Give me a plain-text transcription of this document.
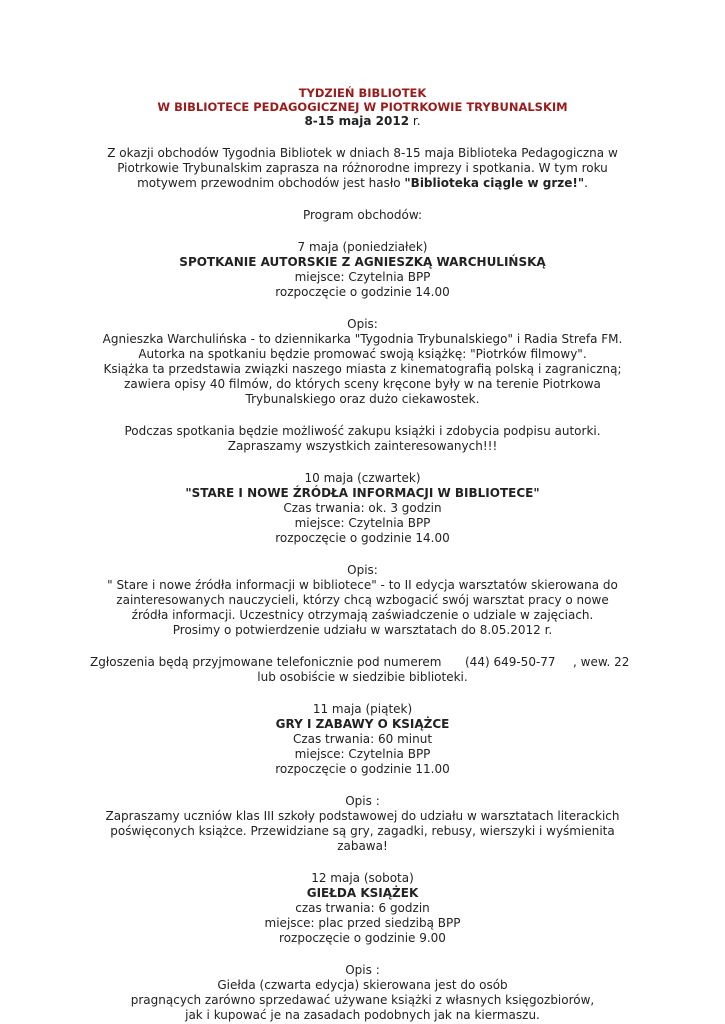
TYDZIEŃ BIBLIOTEK
W BIBLIOTECE PEDAGOGICZNEJ W PIOTRKOWIE TRYBUNALSKIM
8-15 maja 2012 r.
Z okazji obchodów Tygodnia Bibliotek w dniach 8-15 maja Biblioteka Pedagogiczna w Piotrkowie Trybunalskim zaprasza na różnorodne imprezy i spotkania. W tym roku motywem przewodnim obchodów jest hasło "Biblioteka ciągle w grze!".
Program obchodów:
7 maja (poniedziałek)
SPOTKANIE AUTORSKIE Z AGNIESZKĄ WARCHULIŃSKĄ
miejsce: Czytelnia BPP
rozpoczęcie o godzinie 14.00
Opis:
Agnieszka Warchulińska - to dziennikarka "Tygodnia Trybunalskiego" i Radia Strefa FM. Autorka na spotkaniu będzie promować swoją książkę: "Piotrków filmowy".
Książka ta przedstawia związki naszego miasta z kinematografią polską i zagraniczną; zawiera opisy 40 filmów, do których sceny kręcone były w na terenie Piotrkowa Trybunalskiego oraz dużo ciekawostek.
Podczas spotkania będzie możliwość zakupu książki i zdobycia podpisu autorki.
Zapraszamy wszystkich zainteresowanych!!!
10 maja (czwartek)
"STARE I NOWE ŹRÓDŁA INFORMACJI W BIBLIOTECE"
Czas trwania: ok. 3 godzin
miejsce: Czytelnia BPP
rozpoczęcie o godzinie 14.00
Opis:
" Stare i nowe źródła informacji w bibliotece" - to II edycja warsztatów skierowana do zainteresowanych nauczycieli, którzy chcą wzbogacić swój warsztat pracy o nowe źródła informacji. Uczestnicy otrzymają zaświadczenie o udziale w zajęciach.
Prosimy o potwierdzenie udziału w warsztatach do 8.05.2012 r.
Zgłoszenia będą przyjmowane telefonicznie pod numerem (44) 649-50-77 , wew. 22
lub osobiście w siedzibie biblioteki.
11 maja (piątek)
GRY I ZABAWY O KSIĄŻCE
Czas trwania: 60 minut
miejsce: Czytelnia BPP
rozpoczęcie o godzinie 11.00
Opis :
Zapraszamy uczniów klas III szkoły podstawowej do udziału w warsztatach literackich poświęconych książce. Przewidziane są gry, zagadki, rebusy, wierszyki i wyśmienita zabawa!
12 maja (sobota)
GIEŁDA KSIĄŻEK
czas trwania: 6 godzin
miejsce: plac przed siedzibą BPP
rozpoczęcie o godzinie 9.00
Opis :
Giełda (czwarta edycja) skierowana jest do osób
pragnących zarówno sprzedawać używane książki z własnych księgozbiorów,
jak i kupować je na zasadach podobnych jak na kiermaszu.
